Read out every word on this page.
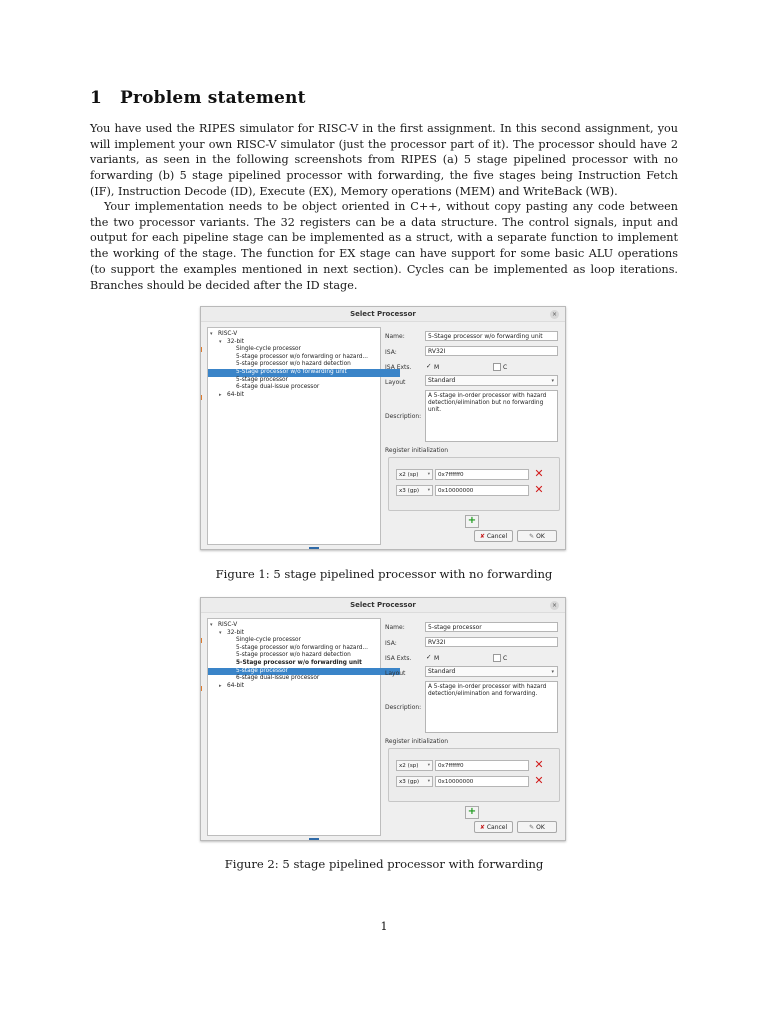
1 Problem statement

You have used the RIPES simulator for RISC-V in the first assignment. In this second assignment, you will implement your own RISC-V simulator (just the processor part of it). The processor should have 2 variants, as seen in the following screenshots from RIPES (a) 5 stage pipelined processor with no forwarding (b) 5 stage pipelined processor with forwarding, the five stages being Instruction Fetch (IF), Instruction Decode (ID), Execute (EX), Memory operations (MEM) and WriteBack (WB).

Your implementation needs to be object oriented in C++, without copy pasting any code between the two processor variants. The 32 registers can be a data structure. The control signals, input and output for each pipeline stage can be implemented as a struct, with a separate function to implement the working of the stage. The function for EX stage can have support for some basic ALU operations (to support the examples mentioned in next section). Cycles can be implemented as loop iterations. Branches should be decided after the ID stage.

Select Processor	×
▾ RISC-V
▾ 32-bit
Single-cycle processor
5-stage processor w/o forwarding or hazard...
5-stage processor w/o hazard detection
5-Stage processor w/o forwarding unit
5-stage processor
6-stage dual-issue processor
▸ 64-bit
Name:	5-Stage processor w/o forwarding unit
ISA:	RV32I
ISA Exts. ✓ M	C
Layout	Standard	▾
Description:
A 5-stage in-order processor with hazard detection/elimination but no forwarding unit.
Register initialization
x2 (sp) ▾	0x7ffffff0	✕
x3 (gp) ▾	0x10000000	✕
+
✘ Cancel	✎ OK
Figure 1: 5 stage pipelined processor with no forwarding
Select Processor	×
▾ RISC-V
▾ 32-bit
Single-cycle processor
5-stage processor w/o forwarding or hazard...
5-stage processor w/o hazard detection
5-Stage processor w/o forwarding unit
5-stage processor
6-stage dual-issue processor
▸ 64-bit
Name:	5-stage processor
ISA:	RV32I
ISA Exts. ✓ M	C
Layout	Standard	▾
Description:
A 5-stage in-order processor with hazard detection/elimination and forwarding.
Register initialization
x2 (sp) ▾	0x7ffffff0	✕
x3 (gp) ▾	0x10000000	✕
+
✘ Cancel	✎ OK
Figure 2: 5 stage pipelined processor with forwarding
1
